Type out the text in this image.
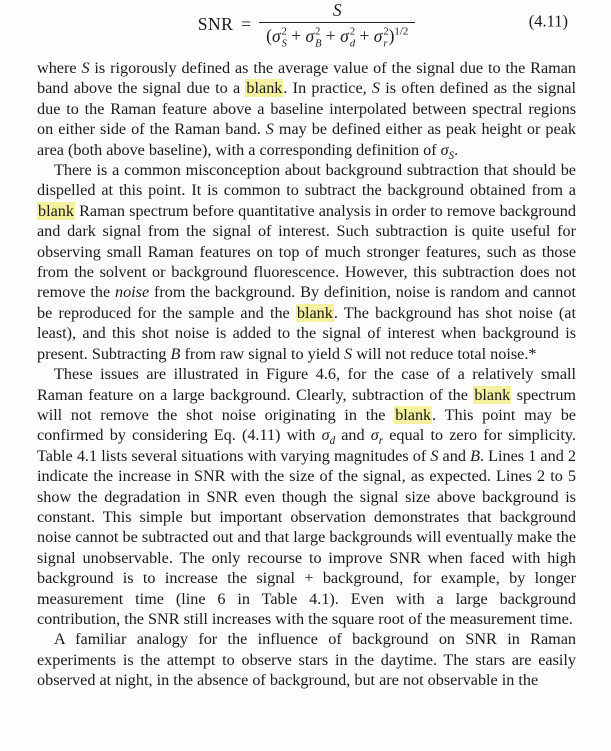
SNR = S
( σ 2
S + σ 2
B + σ 2
d + σ 2
r )$^{1/2}$	(4.11)

where S is rigorously defined as the average value of the signal due to the Raman band above the signal due to a blank. In practice, S is often defined as the signal due to the Raman feature above a baseline interpolated between spectral regions on either side of the Raman band. S may be defined either as peak height or peak area (both above baseline), with a corresponding definition of $\sigma_S$.

There is a common misconception about background subtraction that should be dispelled at this point. It is common to subtract the background obtained from a blank Raman spectrum before quantitative analysis in order to remove background and dark signal from the signal of interest. Such subtraction is quite useful for observing small Raman features on top of much stronger features, such as those from the solvent or background fluorescence. However, this subtraction does not remove the noise from the background. By definition, noise is random and cannot be reproduced for the sample and the blank. The background has shot noise (at least), and this shot noise is added to the signal of interest when background is present. Subtracting B from raw signal to yield S will not reduce total noise.*

These issues are illustrated in Figure 4.6, for the case of a relatively small Raman feature on a large background. Clearly, subtraction of the blank spectrum will not remove the shot noise originating in the blank. This point may be confirmed by considering Eq. (4.11) with $\sigma_d$ and $\sigma_r$ equal to zero for simplicity. Table 4.1 lists several situations with varying magnitudes of S and B. Lines 1 and 2 indicate the increase in SNR with the size of the signal, as expected. Lines 2 to 5 show the degradation in SNR even though the signal size above background is constant. This simple but important observation demonstrates that background noise cannot be subtracted out and that large backgrounds will eventually make the signal unobservable. The only recourse to improve SNR when faced with high background is to increase the signal + background, for example, by longer measurement time (line 6 in Table 4.1). Even with a large background contribution, the SNR still increases with the square root of the measurement time.

A familiar analogy for the influence of background on SNR in Raman experiments is the attempt to observe stars in the daytime. The stars are easily observed at night, in the absence of background, but are not observable in the
